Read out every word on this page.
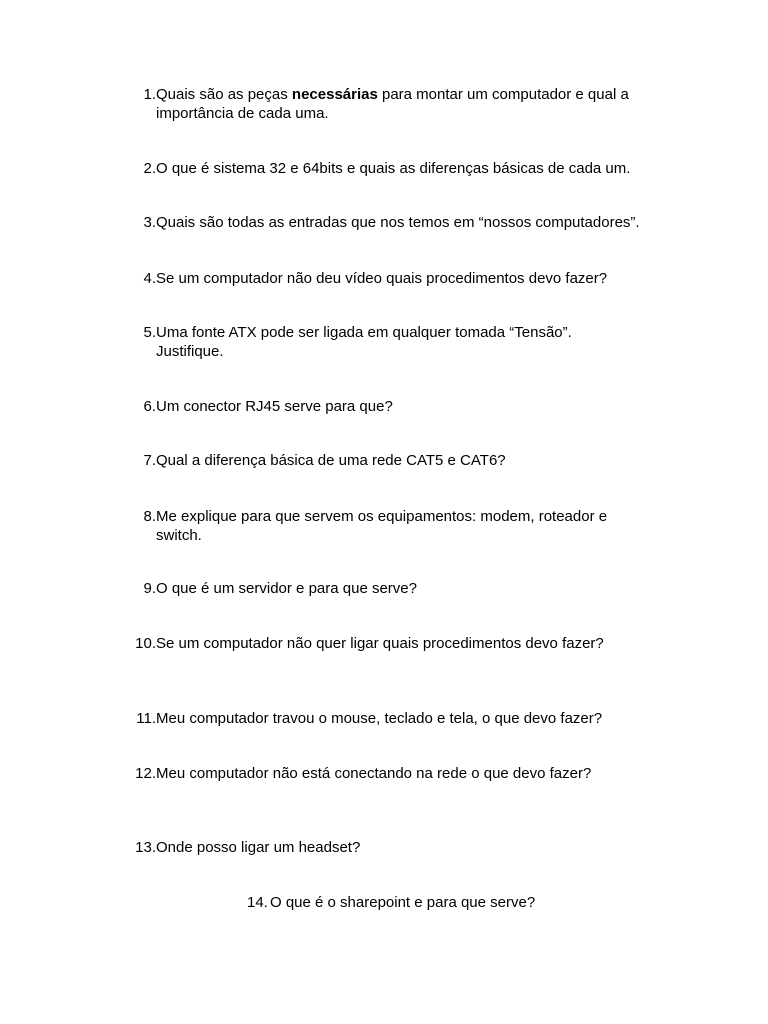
1. Quais são as peças necessárias para montar um computador e qual a importância de cada uma.
2. O que é sistema 32 e 64bits e quais as diferenças básicas de cada um.
3. Quais são todas as entradas que nos temos em “nossos computadores”.
4. Se um computador não deu vídeo quais procedimentos devo fazer?
5. Uma fonte ATX pode ser ligada em qualquer tomada “Tensão”. Justifique.
6. Um conector RJ45 serve para que?
7. Qual a diferença básica de uma rede CAT5 e CAT6?
8. Me explique para que servem os equipamentos: modem, roteador e switch.
9. O que é um servidor e para que serve?
10. Se um computador não quer ligar quais procedimentos devo fazer?
11. Meu computador travou o mouse, teclado e tela, o que devo fazer?
12. Meu computador não está conectando na rede o que devo fazer?
13. Onde posso ligar um headset?
14. O que é o sharepoint e para que serve?
